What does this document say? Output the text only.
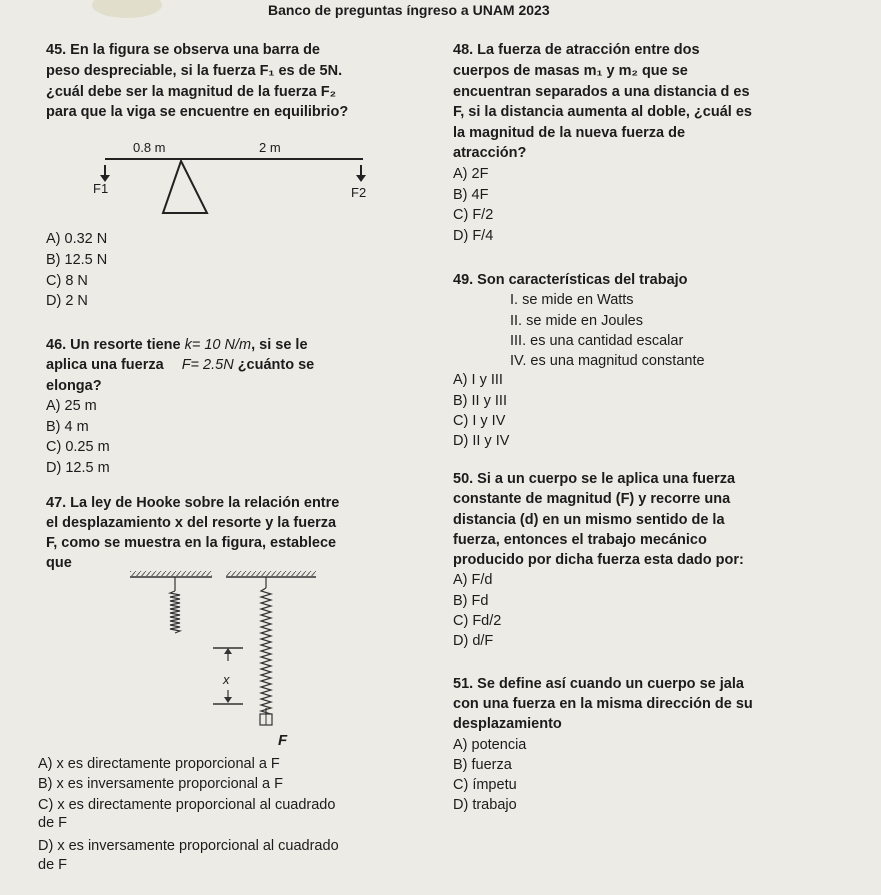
Banco de preguntas íngreso a UNAM 2023
45. En la figura se observa una barra de
peso despreciable, si la fuerza F₁ es de 5N.
¿cuál debe ser la magnitud de la fuerza F₂
para que la viga se encuentre en equilibrio?
0.8 m	2 m
F1	F2
A) 0.32 N
B) 12.5 N
C) 8 N
D) 2 N
46. Un resorte tiene k= 10 N/m, si se le
aplica una fuerza F= 2.5N ¿cuánto se
elonga?
A) 25 m
B) 4 m
C) 0.25 m
D) 12.5 m
47. La ley de Hooke sobre la relación entre
el desplazamiento x del resorte y la fuerza
F, como se muestra en la figura, establece
que
x
F
A) x es directamente proporcional a F
B) x es inversamente proporcional a F
C) x es directamente proporcional al cuadrado
de F
D) x es inversamente proporcional al cuadrado
de F
48. La fuerza de atracción entre dos
cuerpos de masas m₁ y m₂ que se
encuentran separados a una distancia d es
F, si la distancia aumenta al doble, ¿cuál es
la magnitud de la nueva fuerza de
atracción?
A) 2F
B) 4F
C) F/2
D) F/4
49. Son características del trabajo
I. se mide en Watts
II. se mide en Joules
III. es una cantidad escalar
IV. es una magnitud constante
A) I y III
B) II y III
C) I y IV
D) II y IV
50. Si a un cuerpo se le aplica una fuerza
constante de magnitud (F) y recorre una
distancia (d) en un mismo sentido de la
fuerza, entonces el trabajo mecánico
producido por dicha fuerza esta dado por:
A) F/d
B) Fd
C) Fd/2
D) d/F
51. Se define así cuando un cuerpo se jala
con una fuerza en la misma dirección de su
desplazamiento
A) potencia
B) fuerza
C) ímpetu
D) trabajo
